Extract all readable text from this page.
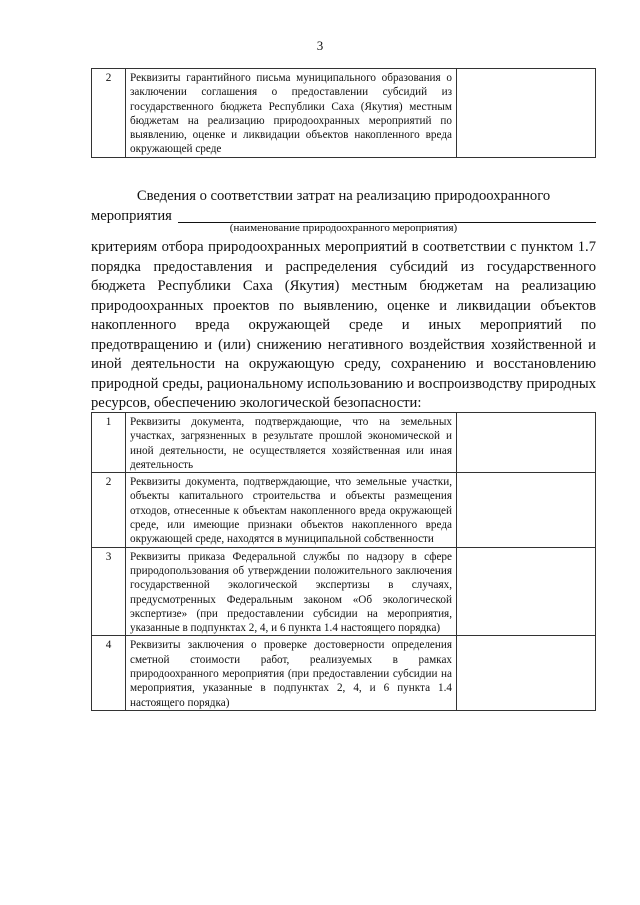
3
2	Реквизиты гарантийного письма муниципального образования о заключении соглашения о предоставлении субсидий из государственного бюджета Республики Саха (Якутия) местным бюджетам на реализацию природоохранных мероприятий по выявлению, оценке и ликвидации объектов накопленного вреда окружающей среде	
Сведения о соответствии затрат на реализацию природоохранного
мероприятия
(наименование природоохранного мероприятия)
критериям отбора природоохранных мероприятий в соответствии с пунктом 1.7 порядка предоставления и распределения субсидий из государственного бюджета Республики Саха (Якутия) местным бюджетам на реализацию природоохранных проектов по выявлению, оценке и ликвидации объектов накопленного вреда окружающей среде и иных мероприятий по предотвращению и (или) снижению негативного воздействия хозяйственной и иной деятельности на окружающую среду, сохранению и восстановлению природной среды, рациональному использованию и воспроизводству природных ресурсов, обеспечению экологической безопасности:
1	Реквизиты документа, подтверждающие, что на земельных участках, загрязненных в результате прошлой экономической и иной деятельности, не осуществляется хозяйственная или иная деятельность	
2	Реквизиты документа, подтверждающие, что земельные участки, объекты капитального строительства и объекты размещения отходов, отнесенные к объектам накопленного вреда окружающей среде, или имеющие признаки объектов накопленного вреда окружающей среде, находятся в муниципальной собственности	
3	Реквизиты приказа Федеральной службы по надзору в сфере природопользования об утверждении положительного заключения государственной экологической экспертизы в случаях, предусмотренных Федеральным законом «Об экологической экспертизе» (при предоставлении субсидии на мероприятия, указанные в подпунктах 2, 4, и 6 пункта 1.4 настоящего порядка)	
4	Реквизиты заключения о проверке достоверности определения сметной стоимости работ, реализуемых в рамках природоохранного мероприятия (при предоставлении субсидии на мероприятия, указанные в подпунктах 2, 4, и 6 пункта 1.4 настоящего порядка)	
